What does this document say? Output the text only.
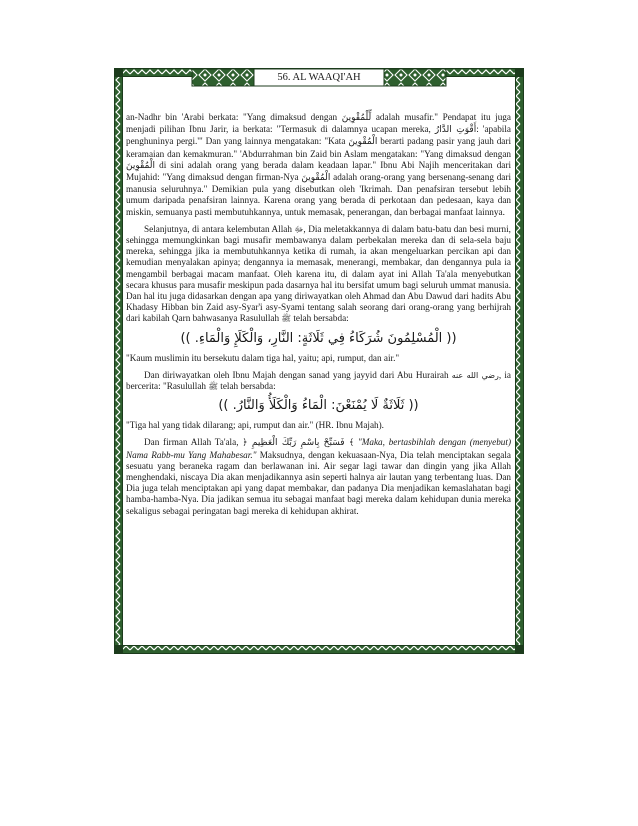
56. AL WAAQI'AH

an-Nadhr bin 'Arabi berkata: "Yang dimaksud dengan لِّلْمُقْوِينَ adalah musafir." Pendapat itu juga menjadi pilihan Ibnu Jarir, ia berkata: "Termasuk di dalamnya ucapan mereka, أَقْوَتِ الدَّارُ: 'apabila penghuninya pergi.'" Dan yang lainnya mengatakan: "Kata الْمُقْوِينَ berarti padang pasir yang jauh dari keramaian dan kemakmuran." 'Abdurrahman bin Zaid bin Aslam mengatakan: "Yang dimaksud dengan الْمُقْوِينَ di sini adalah orang yang berada dalam keadaan lapar." Ibnu Abi Najih menceritakan dari Mujahid: "Yang dimaksud dengan firman-Nya الْمُقْوِينَ adalah orang-orang yang bersenang-senang dari manusia seluruhnya." Demikian pula yang disebutkan oleh 'Ikrimah. Dan penafsiran tersebut lebih umum daripada penafsiran lainnya. Karena orang yang berada di perkotaan dan pedesaan, kaya dan miskin, semuanya pasti membutuhkannya, untuk memasak, penerangan, dan berbagai manfaat lainnya.

Selanjutnya, di antara kelembutan Allah ﷻ, Dia meletakkannya di dalam batu-batu dan besi murni, sehingga memungkinkan bagi musafir membawanya dalam perbekalan mereka dan di sela-sela baju mereka, sehingga jika ia membutuhkannya ketika di rumah, ia akan mengeluarkan percikan api dan kemudian menyalakan apinya; dengannya ia memasak, menerangi, membakar, dan dengannya pula ia mengambil berbagai macam manfaat. Oleh karena itu, di dalam ayat ini Allah Ta'ala menyebutkan secara khusus para musafir meskipun pada dasarnya hal itu bersifat umum bagi seluruh ummat manusia. Dan hal itu juga didasarkan dengan apa yang diriwayatkan oleh Ahmad dan Abu Dawud dari hadits Abu Khadasy Hibban bin Zaid asy-Syar'i asy-Syami tentang salah seorang dari orang-orang yang berhijrah dari kabilah Qarn bahwasanya Rasulullah ﷺ telah bersabda:

(( الْمُسْلِمُونَ شُرَكَاءُ فِي ثَلَاثَةٍ: النَّارِ، وَالْكَلَإِ وَالْمَاءِ. ))

"Kaum muslimin itu bersekutu dalam tiga hal, yaitu; api, rumput, dan air."

Dan diriwayatkan oleh Ibnu Majah dengan sanad yang jayyid dari Abu Hurairah رضي الله عنه, ia bercerita: "Rasulullah ﷺ telah bersabda:

(( ثَلَاثَةٌ لَا يُمْنَعْنَ: الْمَاءُ وَالْكَلَأُ وَالنَّارُ. ))

"Tiga hal yang tidak dilarang; api, rumput dan air." (HR. Ibnu Majah).

Dan firman Allah Ta'ala, ﴿ فَسَبِّحْ بِاسْمِ رَبِّكَ الْعَظِيمِ ﴾ "Maka, bertasbihlah dengan (menyebut) Nama Rabb-mu Yang Mahabesar." Maksudnya, dengan kekuasaan-Nya, Dia telah menciptakan segala sesuatu yang beraneka ragam dan berlawanan ini. Air segar lagi tawar dan dingin yang jika Allah menghendaki, niscaya Dia akan menjadikannya asin seperti halnya air lautan yang terbentang luas. Dan Dia juga telah menciptakan api yang dapat membakar, dan padanya Dia menjadikan kemaslahatan bagi hamba-hamba-Nya. Dia jadikan semua itu sebagai manfaat bagi mereka dalam kehidupan dunia mereka sekaligus sebagai peringatan bagi mereka di kehidupan akhirat.
